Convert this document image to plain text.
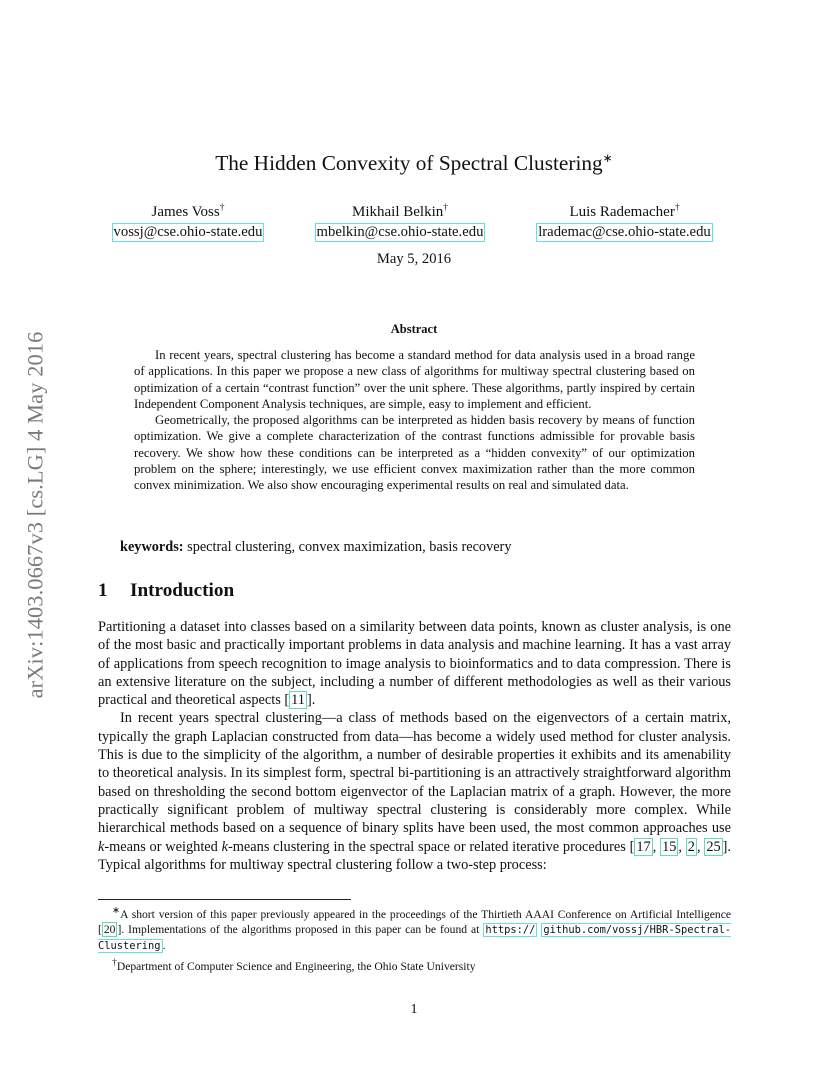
arXiv:1403.0667v3 [cs.LG] 4 May 2016
The Hidden Convexity of Spectral Clustering∗
James Voss†
vossj@cse.ohio-state.edu
Mikhail Belkin†
mbelkin@cse.ohio-state.edu
Luis Rademacher†
lrademac@cse.ohio-state.edu
May 5, 2016
Abstract

In recent years, spectral clustering has become a standard method for data analysis used in a broad range of applications. In this paper we propose a new class of algorithms for multiway spectral clustering based on optimization of a certain “contrast function” over the unit sphere. These algorithms, partly inspired by certain Independent Component Analysis techniques, are simple, easy to implement and efficient.

Geometrically, the proposed algorithms can be interpreted as hidden basis recovery by means of function optimization. We give a complete characterization of the contrast functions admissible for provable basis recovery. We show how these conditions can be interpreted as a “hidden convexity” of our optimization problem on the sphere; interestingly, we use efficient convex maximization rather than the more common convex minimization. We also show encouraging experimental results on real and simulated data.

keywords: spectral clustering, convex maximization, basis recovery
1 Introduction

Partitioning a dataset into classes based on a similarity between data points, known as cluster analysis, is one of the most basic and practically important problems in data analysis and machine learning. It has a vast array of applications from speech recognition to image analysis to bioinformatics and to data compression. There is an extensive literature on the subject, including a number of different methodologies as well as their various practical and theoretical aspects [ 11 ].

In recent years spectral clustering—a class of methods based on the eigenvectors of a certain matrix, typically the graph Laplacian constructed from data—has become a widely used method for cluster analysis. This is due to the simplicity of the algorithm, a number of desirable properties it exhibits and its amenability to theoretical analysis. In its simplest form, spectral bi-partitioning is an attractively straightforward algorithm based on thresholding the second bottom eigenvector of the Laplacian matrix of a graph. However, the more practically significant problem of multiway spectral clustering is considerably more complex. While hierarchical methods based on a sequence of binary splits have been used, the most common approaches use k-means or weighted k-means clustering in the spectral space or related iterative procedures [ 17 , 15 , 2 , 25 ]. Typical algorithms for multiway spectral clustering follow a two-step process:

∗A short version of this paper previously appeared in the proceedings of the Thirtieth AAAI Conference on Artificial Intelligence [ 20 ]. Implementations of the algorithms proposed in this paper can be found at https:// github.com/vossj/HBR-Spectral-Clustering .

†Department of Computer Science and Engineering, the Ohio State University

1
